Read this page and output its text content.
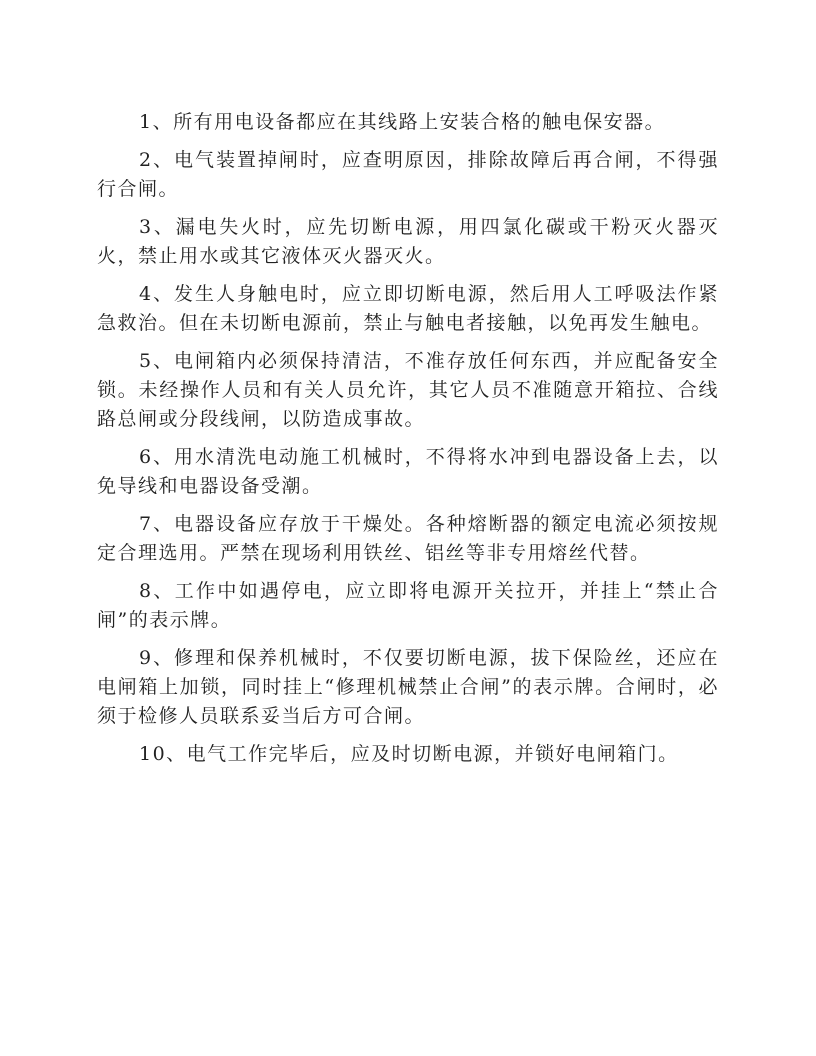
1、所有用电设备都应在其线路上安装合格的触电保安器。

2、电气装置掉闸时，应查明原因，排除故障后再合闸，不得强行合闸。

3、漏电失火时，应先切断电源，用四氯化碳或干粉灭火器灭火，禁止用水或其它液体灭火器灭火。

4、发生人身触电时，应立即切断电源，然后用人工呼吸法作紧急救治。但在未切断电源前，禁止与触电者接触，以免再发生触电。

5、电闸箱内必须保持清洁，不准存放任何东西，并应配备安全锁。未经操作人员和有关人员允许，其它人员不准随意开箱拉、合线路总闸或分段线闸，以防造成事故。

6、用水清洗电动施工机械时，不得将水冲到电器设备上去，以免导线和电器设备受潮。

7、电器设备应存放于干燥处。各种熔断器的额定电流必须按规定合理选用。严禁在现场利用铁丝、铝丝等非专用熔丝代替。

8、工作中如遇停电，应立即将电源开关拉开，并挂上“禁止合闸”的表示牌。

9、修理和保养机械时，不仅要切断电源，拔下保险丝，还应在电闸箱上加锁，同时挂上“修理机械禁止合闸”的表示牌。合闸时，必须于检修人员联系妥当后方可合闸。

10、电气工作完毕后，应及时切断电源，并锁好电闸箱门。
